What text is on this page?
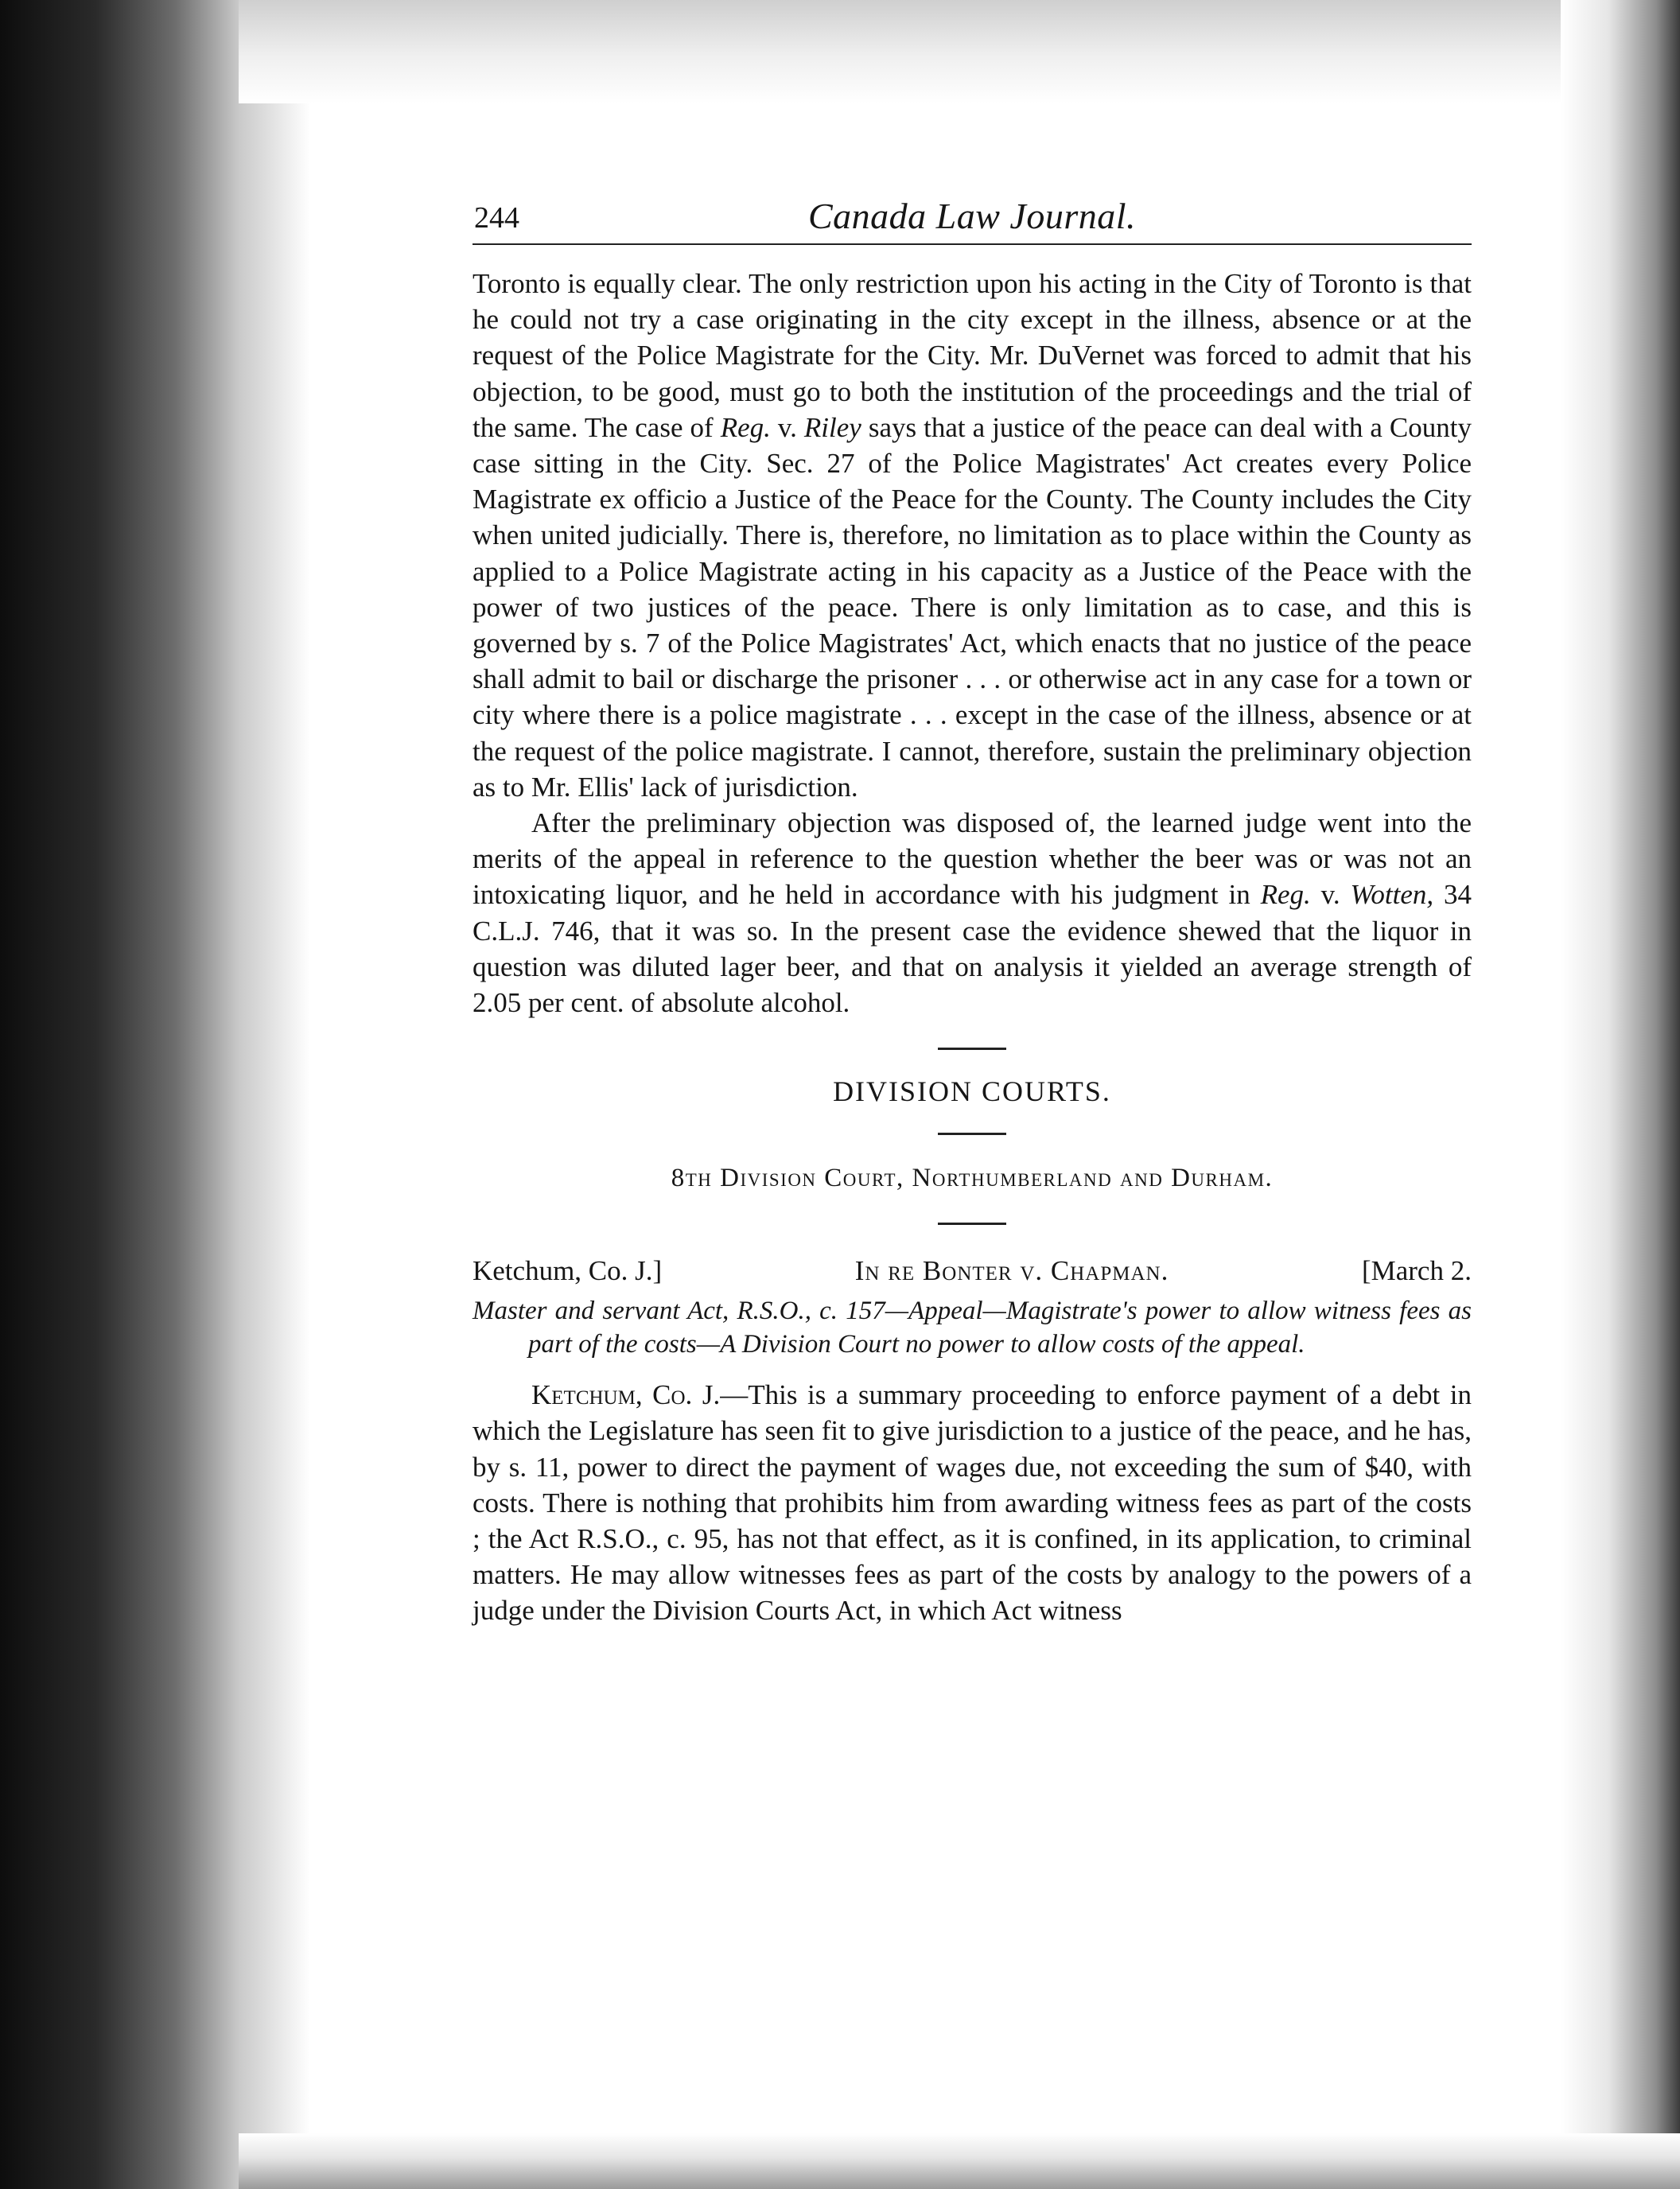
244	Canada Law Journal.

Toronto is equally clear. The only restriction upon his acting in the City of Toronto is that he could not try a case originating in the city except in the illness, absence or at the request of the Police Magistrate for the City. Mr. DuVernet was forced to admit that his objection, to be good, must go to both the institution of the proceedings and the trial of the same. The case of Reg. v. Riley says that a justice of the peace can deal with a County case sitting in the City. Sec. 27 of the Police Magistrates' Act creates every Police Magistrate ex officio a Justice of the Peace for the County. The County includes the City when united judicially. There is, therefore, no limitation as to place within the County as applied to a Police Magistrate acting in his capacity as a Justice of the Peace with the power of two justices of the peace. There is only limitation as to case, and this is governed by s. 7 of the Police Magistrates' Act, which enacts that no justice of the peace shall admit to bail or discharge the prisoner . . . or otherwise act in any case for a town or city where there is a police magistrate . . . except in the case of the illness, absence or at the request of the police magistrate. I cannot, therefore, sustain the preliminary objection as to Mr. Ellis' lack of jurisdiction.

After the preliminary objection was disposed of, the learned judge went into the merits of the appeal in reference to the question whether the beer was or was not an intoxicating liquor, and he held in accordance with his judgment in Reg. v. Wotten, 34 C.L.J. 746, that it was so. In the present case the evidence shewed that the liquor in question was diluted lager beer, and that on analysis it yielded an average strength of 2.05 per cent. of absolute alcohol.

DIVISION COURTS.
8th Division Court, Northumberland and Durham.
Ketchum, Co. J.]	In re Bonter v. Chapman.	[March 2.
Master and servant Act, R.S.O., c. 157—Appeal—Magistrate's power to allow witness fees as part of the costs—A Division Court no power to allow costs of the appeal.

Ketchum, Co. J.—This is a summary proceeding to enforce payment of a debt in which the Legislature has seen fit to give jurisdiction to a justice of the peace, and he has, by s. 11, power to direct the payment of wages due, not exceeding the sum of $40, with costs. There is nothing that prohibits him from awarding witness fees as part of the costs ; the Act R.S.O., c. 95, has not that effect, as it is confined, in its application, to criminal matters. He may allow witnesses fees as part of the costs by analogy to the powers of a judge under the Division Courts Act, in which Act witness
